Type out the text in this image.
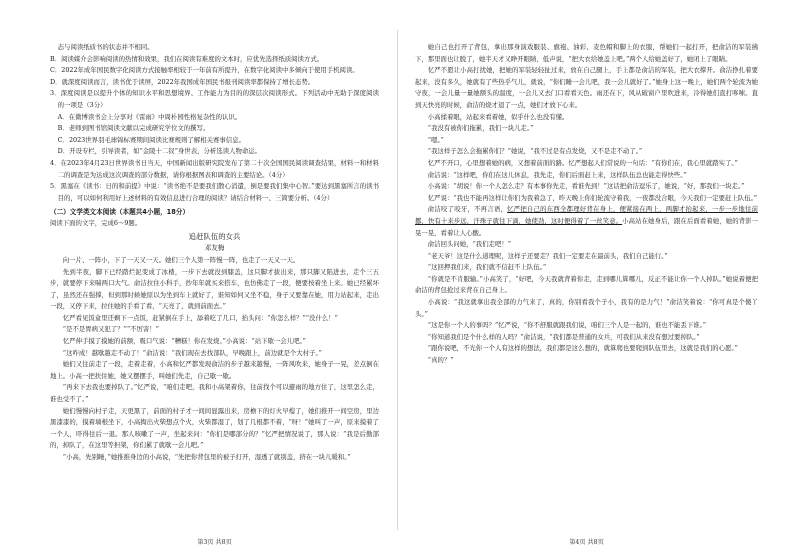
态与阅读纸质书的状态并不相同。

B．阅读媒介会影响阅读的热情和效果，我们在阅读有难度的文本时，应优先选择纸质阅读方式。

C．2022年成年国民数字化阅读方式接触率相较于一年前有所提升，在数字化阅读中多倾向于使用手机阅读。

D．就深度阅读而言，读书优于读屏，2022年我国成年国民书报刊阅读率都保持了增长态势。

3．深度阅读是以提升个体的知识水平和思想境界、工作能力为目的的深层次阅读形式。下列活动中无助于深度阅读的一项是（3分）

A．在微博读书会上分享对《雷雨》中周朴园性格复杂性的认识。

B．老师到图书馆阅读文献以完成研究学位文的撰写。

C．2023世界羽毛球锦标赛期间阅读比赛规则了解相关赛事信息。

D．开设专栏，引导读者，如“金陵十二钗”身世表，分析选读人物命运。

4．在2023年4月23日世界读书日当天，中国新闻出版研究院发布了第二十次全国国民阅读调查结果，材料一和材料二的调查是为达成这次调查的部分数据，请你根据图表和调查的主要结论。（4分）

5．黑塞在《读书：日的和前提》中说：“读书绝不是要我们散心消遣，倒是要我们集中心智。”要达到黑塞所言的读书目的，可以如何利用好上述材料的有效信息进行合理的阅读？请结合材料一、三简要分析。（4分）

（二）文学类文本阅读（本题共4小题，18分）

阅读下面的文字，完成6～9题。

追赶队伍的女兵

邓友梅

向一片、一阵小，下了一天又一天。她们三个人第一阵慢一阵，也走了一天又一天。

先到半夜，脚下已经踏烂泥变成了冰楂，一步下去就没到膝盖，这只脚才拔出来，那只脚又陷进去，走个三五步，就要停下来喘两口大气。俞洁拉住小科手，抄年年就买来搭车，也仿佛走了一段，便要按着坐上来。她已经累坏了，虽然还在强撑，但到那时候她原以为坐到车上就好了，谁知如何又坐不稳，身子又要靠在她，用力站起来，走出一段，又停下来，拉住她的手看了看，“天亮了，就到前面去。”

忆严看见饭盒里还剩下一点饭，赶紧倒在手上，舔着吃了几口，抬头问：“你怎么样？”“没什么！”

“是不是胃病又犯了？”“不厉害！”

忆严伸手摸了摸她的前额，吸口气说：“糟糕！你在发烧。”小高说：“站下歇一会儿吧。”

“这咋成！越歇越走不动了！”俞洁说：“我们现在去找部队，早晚跟上，前边就是个大村子。”

她们又往前走了一段，走着走着，小高和忆严都发现俞洁的步子越来越慢，一阵风吹来，她身子一晃，差点倒在地上。小高一把扶住她，她又摆摆手，叫她们先走，自己歇一歇。

“再来下去我也要掉队了。”忆严说，“咱们走吧，我和小高架着你，往前找个可以避雨的地方住了，这里怎么走，谁也受不了。”

她们慢慢向村子走，天更黑了，前面的村子才一间间显露出来，房檐下的灯火早熄了，她们推开一间空房，里边黑漆漆的，摸着墙根坐下，小高掏出火柴想点个火，火柴都湿了，划了几根都不着，“呀！”她叫了一声，原来摸着了一个人，吓得往后一退。那人咳嗽了一声，坐起来问：“你们是哪部分的？”忆严把情况说了，那人说：“我是后勤部的，掉队了，在这里等担架，你们累了就歇一会儿吧。”

“小高，先别睡，”她推推身边的小高说，“先把你背包里的被子打开，湿透了就别盖，挤在一块儿暖和。”

第3页 共8页

她自己也打开了背包，拿出那身演戏服装、旗袍、油彩、麦色帽和脚上的衣服，帮她们一起打开，把俞洁的军装拂下，那里面也让脱了，她半天才又睁开眼睛，低声说，“把大衣给她盖上吧。”两个人给她盖好了，她闭上了眼睛。

忆严不愿让小高打扰她，把她的军装轻轻扯过来，放在自己腿上，手上都是俞洁的军装，把大衣撑开。俞洁挣扎着要起来，没有多久，她就有了些热乎气儿，就说，“你们睡一会儿吧，我一会儿就好了。”她身上这一晚上，她们两个轮流为她守夜，一会儿量一量她额头的温度，一会儿又去门口看看天色。雨还在下，风从破窗户里吹进来，冷得她们直打哆嗦。直到天快亮的时候，俞洁的烧才退了一点，她们才放下心来。

小高揉着眼，站起来看着她，似乎什么也没有懂。

“我没有被你们拖累，我们一块儿走。”

“嗯。”

“我这样子怎么会拖累你们？”她说，“我不过是有点发烧，又不是走不动了。”

忆严不开口，心里想着她的病，又想着前面的路。忆严想起人们常说的一句话：“有你们在，我心里就踏实了。”

俞洁说：“这样吧，你们在这儿休息，我先走，你们后面赶上来，这样队伍总也能走得快些。”

小高说：“胡说！你一个人怎么走？有本事你先走，看谁先到！”这话把俞洁逗乐了，她说，“好，那我们一块走。”

忆严说：“我也不能再这样让你们为我着急了，昨天晚上你们轮流守着我，一夜都没合眼，今天我们一定要赶上队伍。”

俞洁咬了咬牙，不再言语，忆严把自己的东西全都理好背在身上，便紧接在两上，两脚才抬起来，一步一步地往前挪，快有十来步远，汗珠子就往下滴，她使劲，这时便得着了一丝笑意。小高站在她身后，跟在后面看着她，她的背影一晃一晃，看着让人心酸。

俞洁回头问她，“我们走吧！”

“老天爷！这是什么道理呢，这样子还要走？我们一定要走在最前头，我们自己能行。”

“这回押我们来，我们就不信赶不上队伍。”

“你就是不肯服输。”小高笑了，“好吧，今天我就背着你走，走到哪儿算哪儿，反正不能让你一个人掉队。”她说着便把俞洁的背包抢过来背在自己身上。

小高说：“我这就拿出我全部的力气来了，真的，你别看我个子小，我有的是力气！”俞洁笑着说：“你可真是个傻丫头。”

“这是你一个人的事吗？”忆严说，“你不舒服就跟我们说，咱们三个人是一起的，谁也不能丢下谁。”

“你知道我们是个什么样的人吗？”俞洁说，“我们都是普通的女兵，可我们从来没有想过要掉队。”

“跟你说吧，不光你一个人有这样的想法，我们都是这么想的，就算爬也要爬到队伍里去，这就是我们的心愿。”

“真的？”

第4页 共8页
